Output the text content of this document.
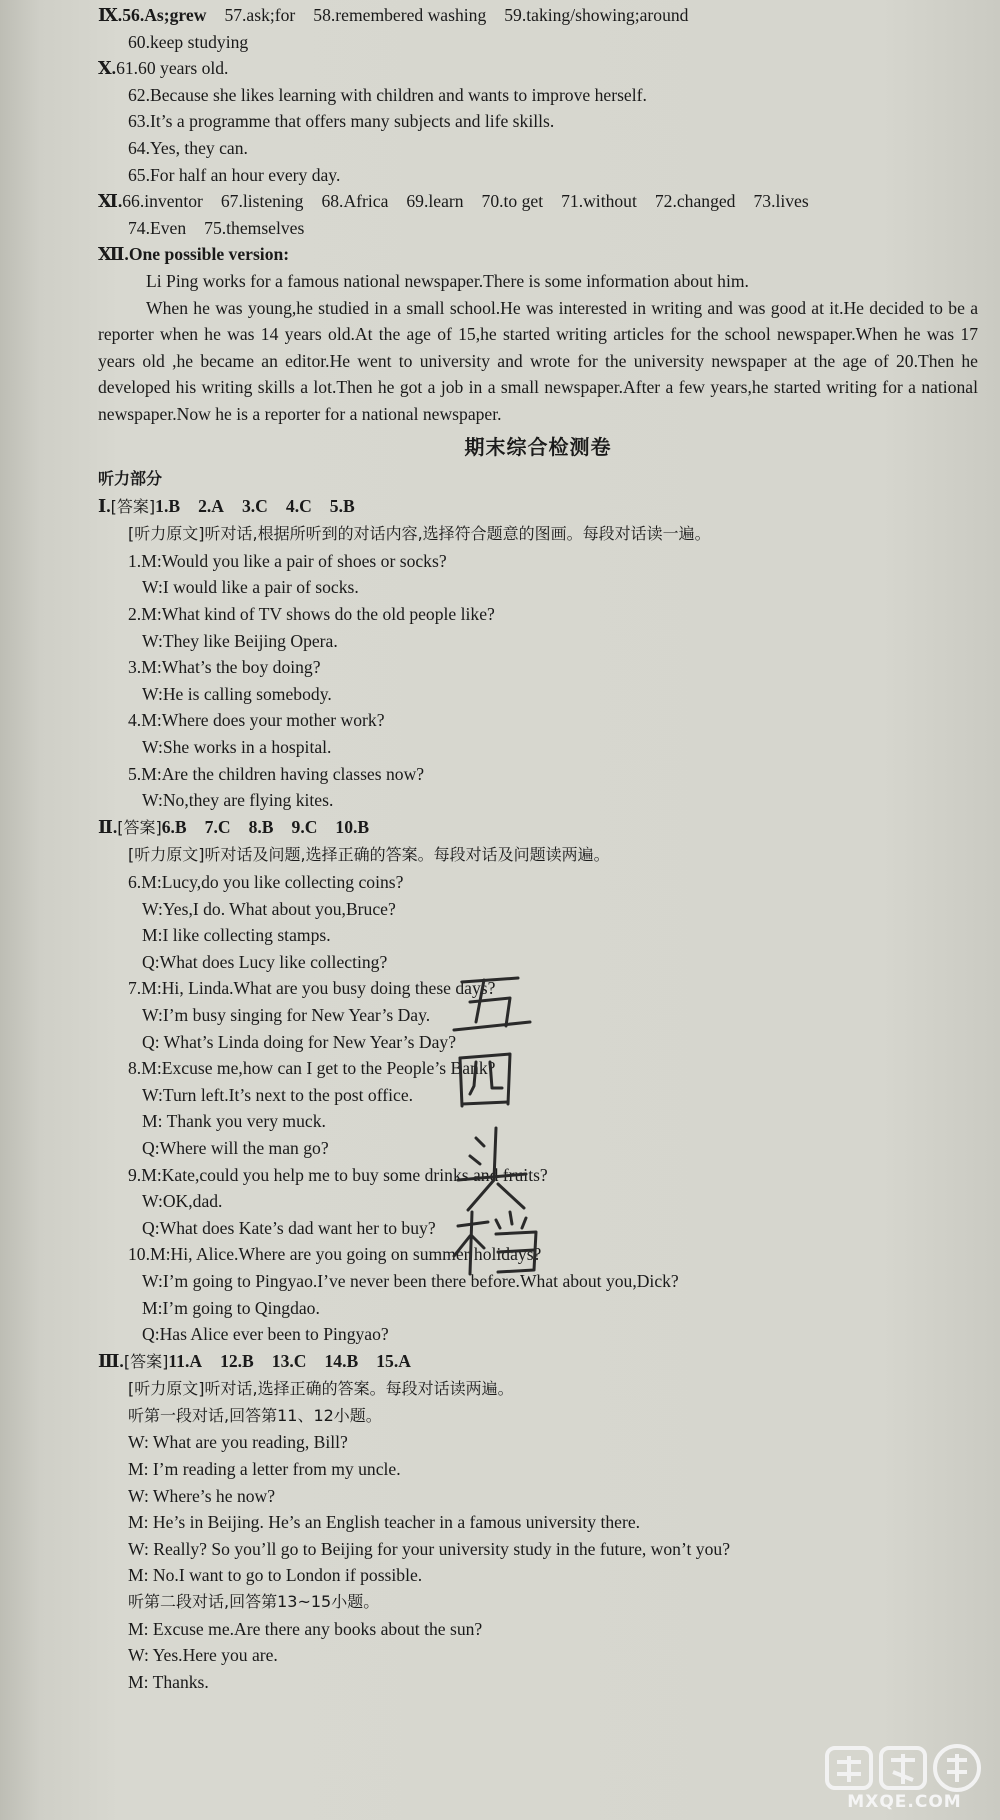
Ⅸ.56.As;grew 57.ask;for 58.remembered washing 59.taking/showing;around
60.keep studying
Ⅹ.61.60 years old.
62.Because she likes learning with children and wants to improve herself.
63.It’s a programme that offers many subjects and life skills.
64.Yes, they can.
65.For half an hour every day.
Ⅺ.66.inventor 67.listening 68.Africa 69.learn 70.to get 71.without 72.changed 73.lives
74.Even 75.themselves
Ⅻ.One possible version:
Li Ping works for a famous national newspaper.There is some information about him.
When he was young,he studied in a small school.He was interested in writing and was good at it.He decided to be a reporter when he was 14 years old.At the age of 15,he started writing articles for the school newspaper.When he was 17 years old ,he became an editor.He went to university and wrote for the university newspaper at the age of 20.Then he developed his writing skills a lot.Then he got a job in a small newspaper.After a few years,he started writing for a national newspaper.Now he is a reporter for a national newspaper.
期末综合检测卷
听力部分
Ⅰ.[答案]1.B 2.A 3.C 4.C 5.B
[听力原文]听对话,根据所听到的对话内容,选择符合题意的图画。每段对话读一遍。
1.M:Would you like a pair of shoes or socks?
W:I would like a pair of socks.
2.M:What kind of TV shows do the old people like?
W:They like Beijing Opera.
3.M:What’s the boy doing?
W:He is calling somebody.
4.M:Where does your mother work?
W:She works in a hospital.
5.M:Are the children having classes now?
W:No,they are flying kites.
Ⅱ.[答案]6.B 7.C 8.B 9.C 10.B
[听力原文]听对话及问题,选择正确的答案。每段对话及问题读两遍。
6.M:Lucy,do you like collecting coins?
W:Yes,I do. What about you,Bruce?
M:I like collecting stamps.
Q:What does Lucy like collecting?
7.M:Hi, Linda.What are you busy doing these days?
W:I’m busy singing for New Year’s Day.
Q: What’s Linda doing for New Year’s Day?
8.M:Excuse me,how can I get to the People’s Bank?
W:Turn left.It’s next to the post office.
M: Thank you very muck.
Q:Where will the man go?
9.M:Kate,could you help me to buy some drinks and fruits?
W:OK,dad.
Q:What does Kate’s dad want her to buy?
10.M:Hi, Alice.Where are you going on summer holidays?
W:I’m going to Pingyao.I’ve never been there before.What about you,Dick?
M:I’m going to Qingdao.
Q:Has Alice ever been to Pingyao?
Ⅲ.[答案]11.A 12.B 13.C 14.B 15.A
[听力原文]听对话,选择正确的答案。每段对话读两遍。
听第一段对话,回答第11、12小题。
W: What are you reading, Bill?
M: I’m reading a letter from my uncle.
W: Where’s he now?
M: He’s in Beijing. He’s an English teacher in a famous university there.
W: Really? So you’ll go to Beijing for your university study in the future, won’t you?
M: No.I want to go to London if possible.
听第二段对话,回答第13~15小题。
M: Excuse me.Are there any books about the sun?
W: Yes.Here you are.
M: Thanks.
MXQE.COM
